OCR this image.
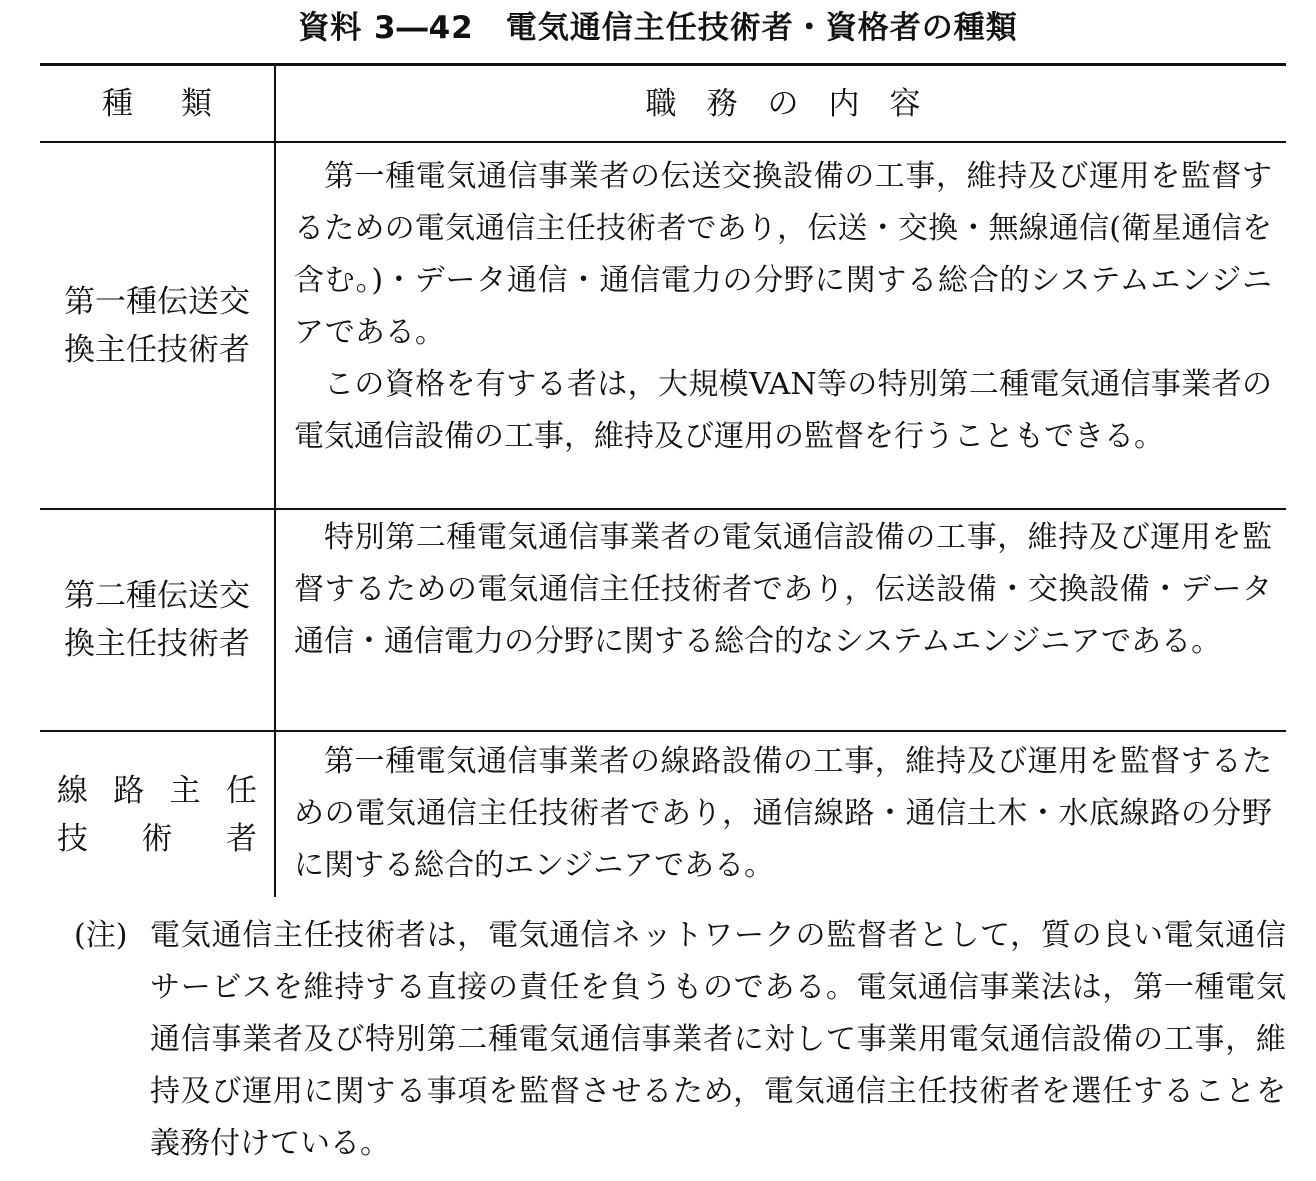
資料 3―42　電気通信主任技術者・資格者の種類
種類	職務の内容
第一種伝送交
換主任技術者

第一種電気通信事業者の伝送交換設備の工事，維持及び運用を監督するための電気通信主任技術者であり，伝送・交換・無線通信(衛星通信を含む。)・データ通信・通信電力の分野に関する総合的システムエンジニアである。

この資格を有する者は，大規模VAN等の特別第二種電気通信事業者の電気通信設備の工事，維持及び運用の監督を行うこともできる。

第二種伝送交
換主任技術者

特別第二種電気通信事業者の電気通信設備の工事，維持及び運用を監督するための電気通信主任技術者であり，伝送設備・交換設備・データ通信・通信電力の分野に関する総合的なシステムエンジニアである。

線路主任
技術者

第一種電気通信事業者の線路設備の工事，維持及び運用を監督するための電気通信主任技術者であり，通信線路・通信土木・水底線路の分野に関する総合的エンジニアである。

(注) 電気通信主任技術者は，電気通信ネットワークの監督者として，質の良い電気通信サービスを維持する直接の責任を負うものである。電気通信事業法は，第一種電気通信事業者及び特別第二種電気通信事業者に対して事業用電気通信設備の工事，維持及び運用に関する事項を監督させるため，電気通信主任技術者を選任することを義務付けている。
